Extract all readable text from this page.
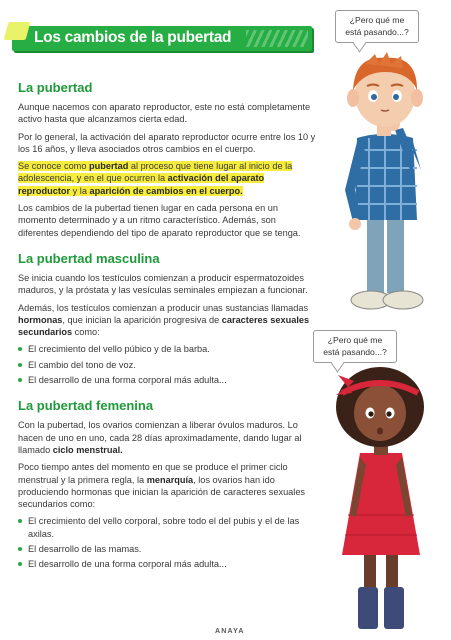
Los cambios de la pubertad
La pubertad

Aunque nacemos con aparato reproductor, este no está completamente activo hasta que alcanzamos cierta edad.

Por lo general, la activación del aparato reproductor ocurre entre los 10 y los 16 años, y lleva asociados otros cambios en el cuerpo.

Se conoce como pubertad al proceso que tiene lugar al inicio de la adolescencia, y en el que ocurren la activación del aparato reproductor y la aparición de cambios en el cuerpo.

Los cambios de la pubertad tienen lugar en cada persona en un momento determinado y a un ritmo característico. Además, son diferentes dependiendo del tipo de aparato reproductor que se tenga.

La pubertad masculina

Se inicia cuando los testículos comienzan a producir espermatozoides maduros, y la próstata y las vesículas seminales empiezan a funcionar.

Además, los testículos comienzan a producir unas sustancias llamadas hormonas, que inician la aparición progresiva de caracteres sexuales secundarios como:

El crecimiento del vello púbico y de la barba.
El cambio del tono de voz.
El desarrollo de una forma corporal más adulta...
La pubertad femenina

Con la pubertad, los ovarios comienzan a liberar óvulos maduros. Lo hacen de uno en uno, cada 28 días aproximadamente, dando lugar al llamado ciclo menstrual.

Poco tiempo antes del momento en que se produce el primer ciclo menstrual y la primera regla, la menarquía, los ovarios han ido produciendo hormonas que inician la aparición de caracteres sexuales secundarios como:

El crecimiento del vello corporal, sobre todo el del pubis y el de las axilas.
El desarrollo de las mamas.
El desarrollo de una forma corporal más adulta...
¿Pero qué me está pasando...?
¿Pero qué me está pasando...?
ANAYA
